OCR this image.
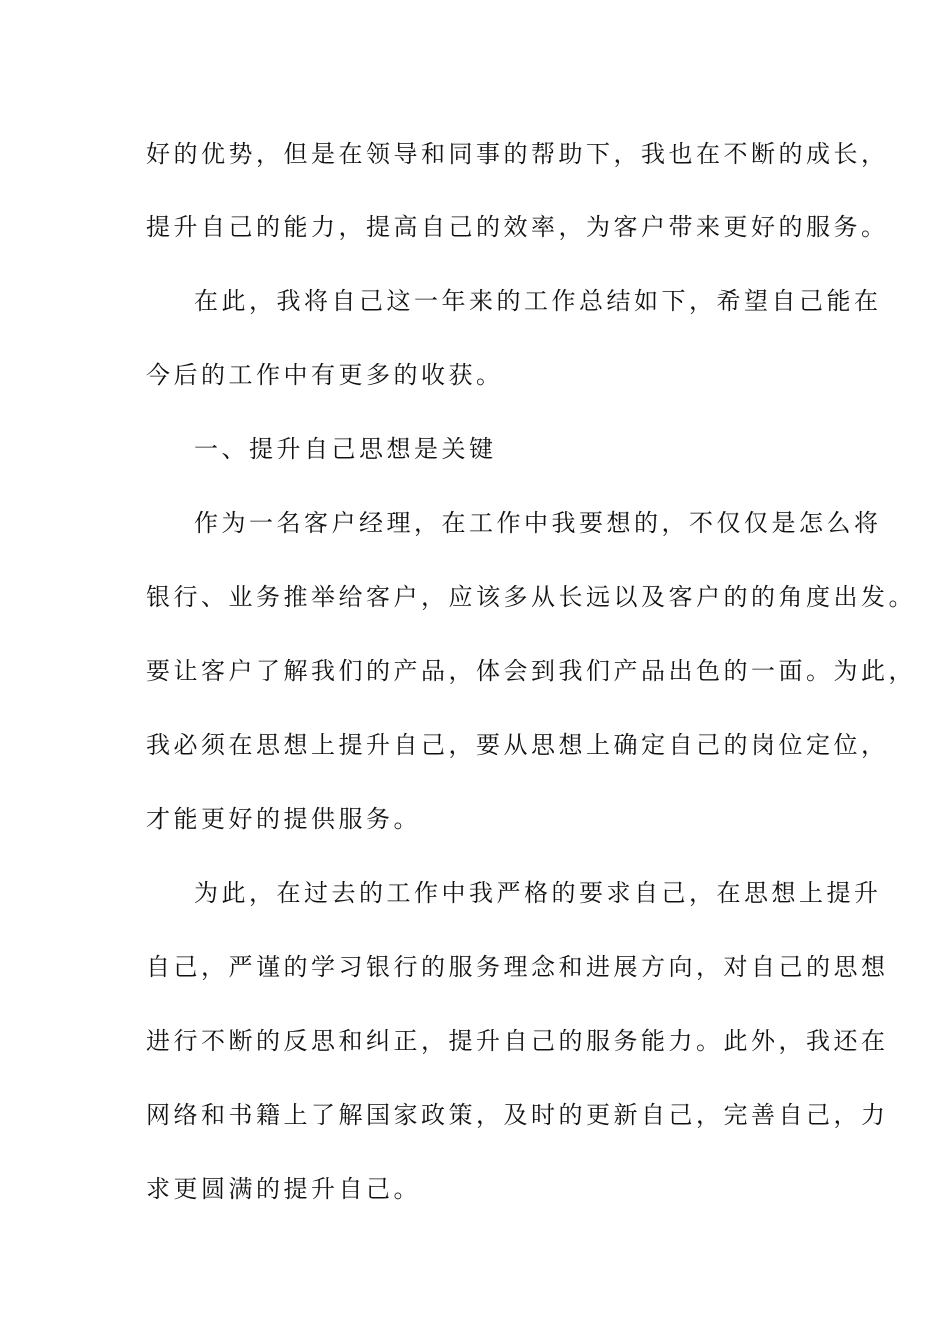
好的优势，但是在领导和同事的帮助下，我也在不断的成长，
提升自己的能力，提高自己的效率，为客户带来更好的服务。
在此，我将自己这一年来的工作总结如下，希望自己能在
今后的工作中有更多的收获。
一、提升自己思想是关键
作为一名客户经理，在工作中我要想的，不仅仅是怎么将
银行、业务推举给客户，应该多从长远以及客户的的角度出发。
要让客户了解我们的产品，体会到我们产品出色的一面。为此，
我必须在思想上提升自己，要从思想上确定自己的岗位定位，
才能更好的提供服务。
为此，在过去的工作中我严格的要求自己，在思想上提升
自己，严谨的学习银行的服务理念和进展方向，对自己的思想
进行不断的反思和纠正，提升自己的服务能力。此外，我还在
网络和书籍上了解国家政策，及时的更新自己，完善自己，力
求更圆满的提升自己。
